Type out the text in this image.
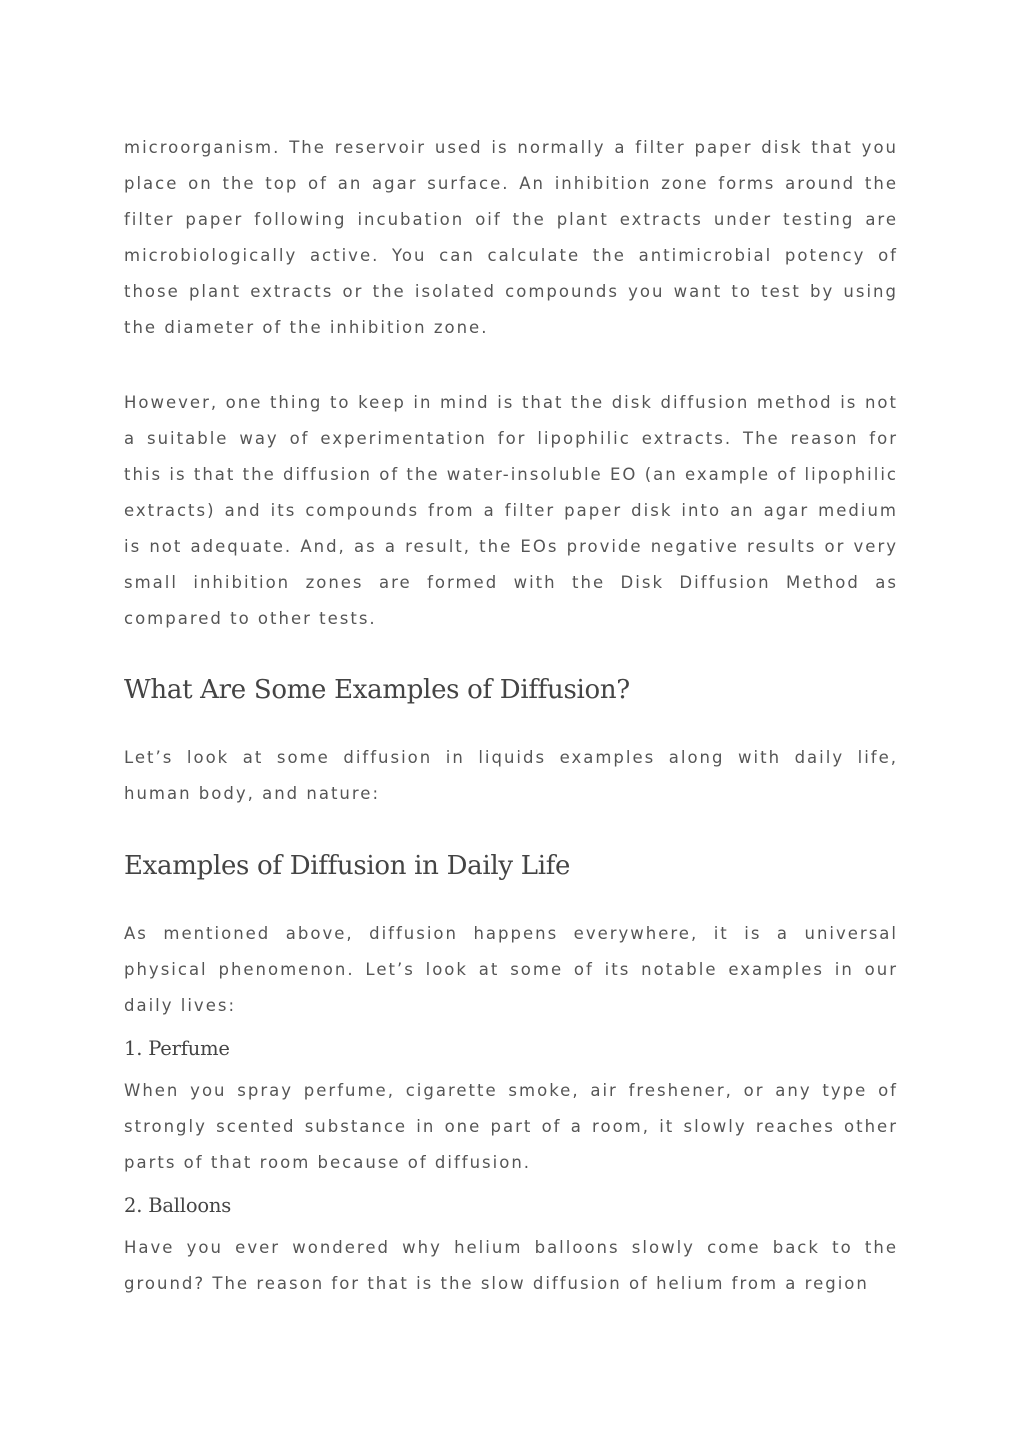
microorganism. The reservoir used is normally a filter paper disk that you place on the top of an agar surface. An inhibition zone forms around the filter paper following incubation oif the plant extracts under testing are microbiologically active. You can calculate the antimicrobial potency of those plant extracts or the isolated compounds you want to test by using the diameter of the inhibition zone.

However, one thing to keep in mind is that the disk diffusion method is not a suitable way of experimentation for lipophilic extracts. The reason for this is that the diffusion of the water-insoluble EO (an example of lipophilic extracts) and its compounds from a filter paper disk into an agar medium is not adequate. And, as a result, the EOs provide negative results or very small inhibition zones are formed with the Disk Diffusion Method as compared to other tests.

What Are Some Examples of Diffusion?

Let’s look at some diffusion in liquids examples along with daily life, human body, and nature:

Examples of Diffusion in Daily Life

As mentioned above, diffusion happens everywhere, it is a universal physical phenomenon. Let’s look at some of its notable examples in our daily lives:

1. Perfume

When you spray perfume, cigarette smoke, air freshener, or any type of strongly scented substance in one part of a room, it slowly reaches other parts of that room because of diffusion.

2. Balloons

Have you ever wondered why helium balloons slowly come back to the ground? The reason for that is the slow diffusion of helium from a region
